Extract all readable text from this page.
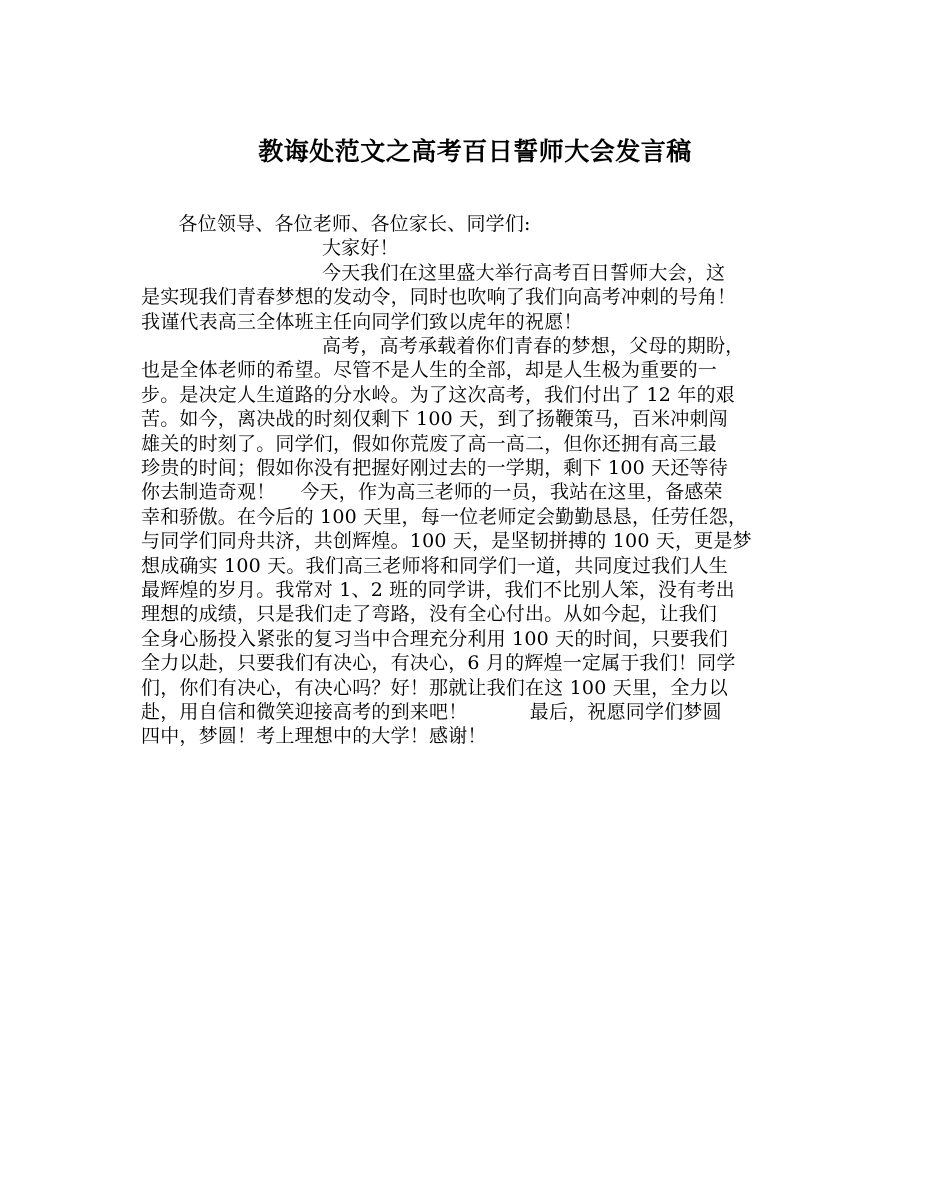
教诲处范文之高考百日誓师大会发言稿
各位领导、各位老师、各位家长、同学们:
大家好！
今天我们在这里盛大举行高考百日誓师大会，这
是实现我们青春梦想的发动令，同时也吹响了我们向高考冲刺的号角！
我谨代表高三全体班主任向同学们致以虎年的祝愿！
高考，高考承载着你们青春的梦想，父母的期盼，
也是全体老师的希望。尽管不是人生的全部，却是人生极为重要的一
步。是决定人生道路的分水岭。为了这次高考，我们付出了 12 年的艰
苦。如今，离决战的时刻仅剩下 100 天，到了扬鞭策马，百米冲刺闯
雄关的时刻了。同学们，假如你荒废了高一高二，但你还拥有高三最
珍贵的时间；假如你没有把握好刚过去的一学期，剩下 100 天还等待
你去制造奇观！    今天，作为高三老师的一员，我站在这里，备感荣
幸和骄傲。在今后的 100 天里，每一位老师定会勤勤恳恳，任劳任怨，
与同学们同舟共济，共创辉煌。100 天，是坚韧拼搏的 100 天，更是梦
想成确实 100 天。我们高三老师将和同学们一道，共同度过我们人生
最辉煌的岁月。我常对 1、2 班的同学讲，我们不比别人笨，没有考出
理想的成绩，只是我们走了弯路，没有全心付出。从如今起，让我们
全身心肠投入紧张的复习当中合理充分利用 100 天的时间，只要我们
全力以赴，只要我们有决心，有决心，6 月的辉煌一定属于我们！同学
们，你们有决心，有决心吗？好！那就让我们在这 100 天里，全力以
赴，用自信和微笑迎接高考的到来吧！          最后，祝愿同学们梦圆
四中，梦圆！考上理想中的大学！感谢！
